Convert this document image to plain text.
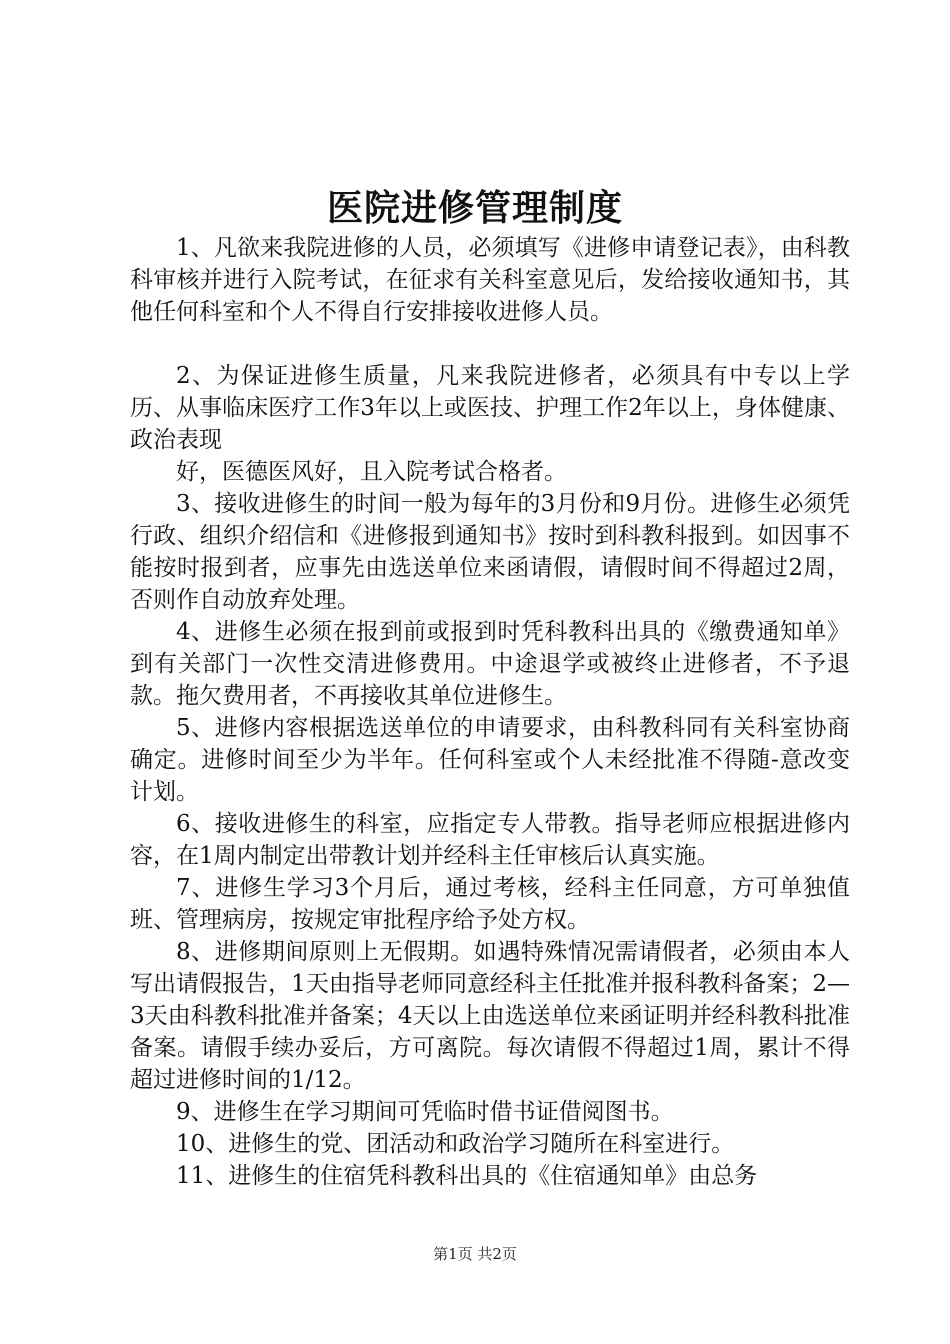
医院进修管理制度

1、凡欲来我院进修的人员，必须填写《进修申请登记表》，由科教科审核并进行入院考试，在征求有关科室意见后，发给接收通知书，其他任何科室和个人不得自行安排接收进修人员。

2、为保证进修生质量，凡来我院进修者，必须具有中专以上学历、从事临床医疗工作3年以上或医技、护理工作2年以上，身体健康、政治表现

好，医德医风好，且入院考试合格者。

3、接收进修生的时间一般为每年的3月份和9月份。进修生必须凭行政、组织介绍信和《进修报到通知书》按时到科教科报到。如因事不能按时报到者，应事先由选送单位来函请假，请假时间不得超过2周，否则作自动放弃处理。

4、进修生必须在报到前或报到时凭科教科出具的《缴费通知单》到有关部门一次性交清进修费用。中途退学或被终止进修者，不予退款。拖欠费用者，不再接收其单位进修生。

5、进修内容根据选送单位的申请要求，由科教科同有关科室协商确定。进修时间至少为半年。任何科室或个人未经批准不得随-意改变计划。

6、接收进修生的科室，应指定专人带教。指导老师应根据进修内容，在1周内制定出带教计划并经科主任审核后认真实施。

7、进修生学习3个月后，通过考核，经科主任同意，方可单独值班、管理病房，按规定审批程序给予处方权。

8、进修期间原则上无假期。如遇特殊情况需请假者，必须由本人写出请假报告，1天由指导老师同意经科主任批准并报科教科备案；2—3天由科教科批准并备案；4天以上由选送单位来函证明并经科教科批准备案。请假手续办妥后，方可离院。每次请假不得超过1周，累计不得超过进修时间的1/12。

9、进修生在学习期间可凭临时借书证借阅图书。

10、进修生的党、团活动和政治学习随所在科室进行。

11、进修生的住宿凭科教科出具的《住宿通知单》由总务

第1页 共2页
